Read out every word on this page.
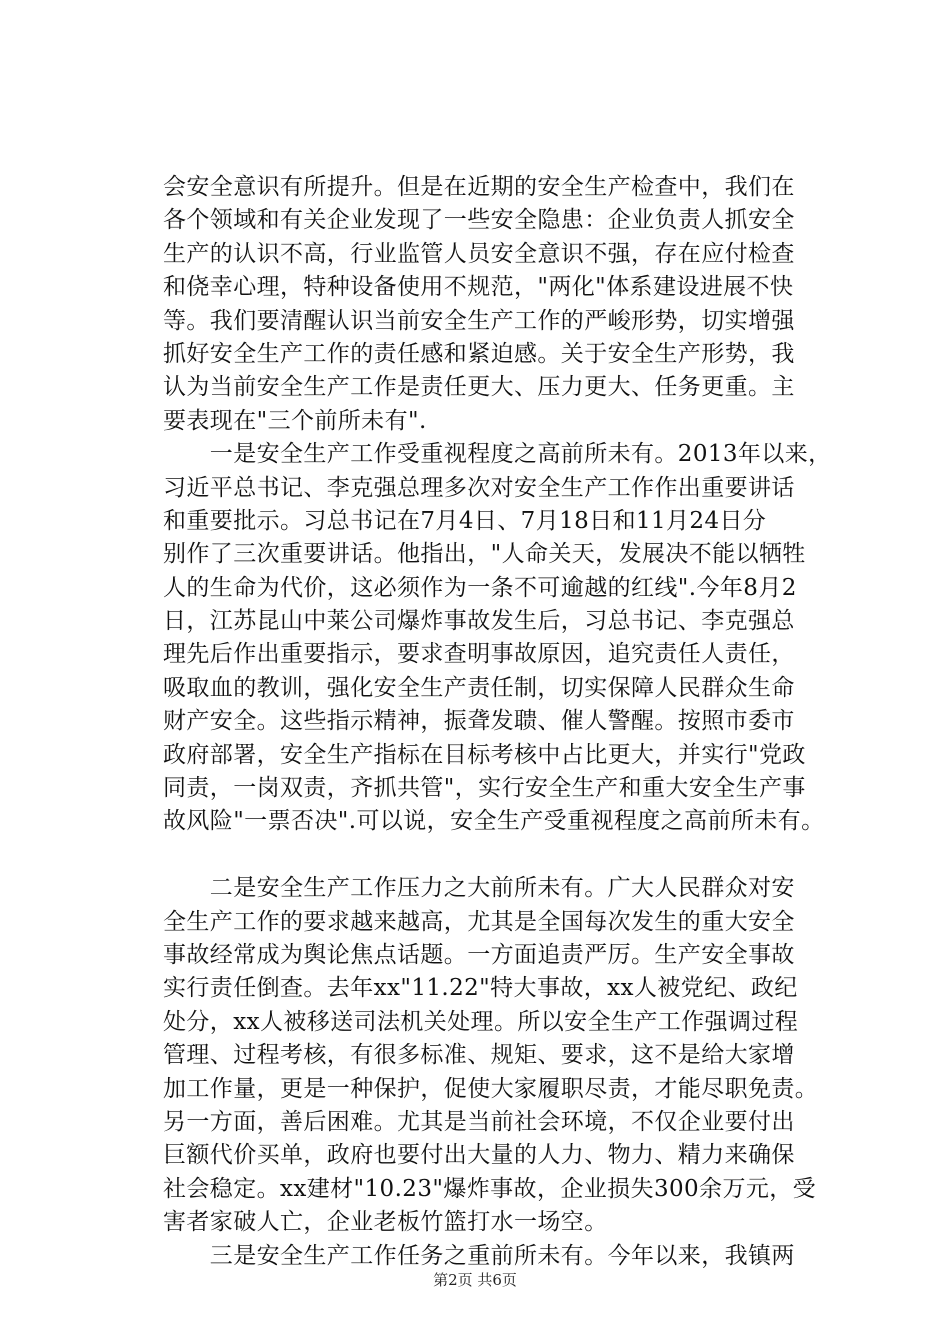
会安全意识有所提升。但是在近期的安全生产检查中，我们在
各个领域和有关企业发现了一些安全隐患：企业负责人抓安全
生产的认识不高，行业监管人员安全意识不强，存在应付检查
和侥幸心理，特种设备使用不规范，"两化"体系建设进展不快
等。我们要清醒认识当前安全生产工作的严峻形势，切实增强
抓好安全生产工作的责任感和紧迫感。关于安全生产形势，我
认为当前安全生产工作是责任更大、压力更大、任务更重。主
要表现在"三个前所未有".
　　一是安全生产工作受重视程度之高前所未有。2013年以来，
习近平总书记、李克强总理多次对安全生产工作作出重要讲话
和重要批示。习总书记在7月4日、7月18日和11月24日分
别作了三次重要讲话。他指出，"人命关天，发展决不能以牺牲
人的生命为代价，这必须作为一条不可逾越的红线".今年8月2
日，江苏昆山中莱公司爆炸事故发生后，习总书记、李克强总
理先后作出重要指示，要求查明事故原因，追究责任人责任，
吸取血的教训，强化安全生产责任制，切实保障人民群众生命
财产安全。这些指示精神，振聋发聩、催人警醒。按照市委市
政府部署，安全生产指标在目标考核中占比更大，并实行"党政
同责，一岗双责，齐抓共管"，实行安全生产和重大安全生产事
故风险"一票否决".可以说，安全生产受重视程度之高前所未有。
　　二是安全生产工作压力之大前所未有。广大人民群众对安
全生产工作的要求越来越高，尤其是全国每次发生的重大安全
事故经常成为舆论焦点话题。一方面追责严厉。生产安全事故
实行责任倒查。去年xx"11.22"特大事故，xx人被党纪、政纪
处分，xx人被移送司法机关处理。所以安全生产工作强调过程
管理、过程考核，有很多标准、规矩、要求，这不是给大家增
加工作量，更是一种保护，促使大家履职尽责，才能尽职免责。
另一方面，善后困难。尤其是当前社会环境，不仅企业要付出
巨额代价买单，政府也要付出大量的人力、物力、精力来确保
社会稳定。xx建材"10.23"爆炸事故，企业损失300余万元，受
害者家破人亡，企业老板竹篮打水一场空。
　　三是安全生产工作任务之重前所未有。今年以来，我镇两
第2页 共6页
